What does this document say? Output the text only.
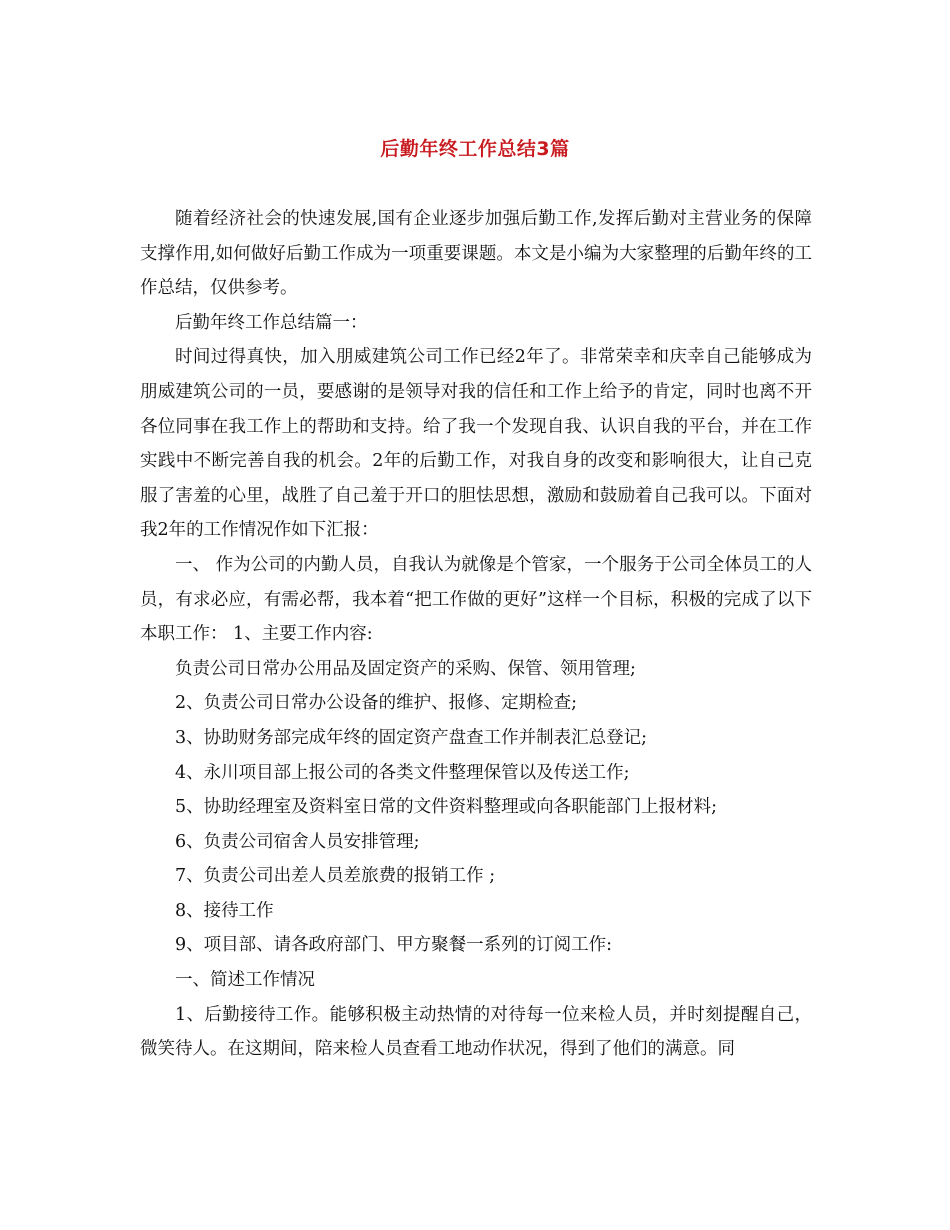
后勤年终工作总结3篇

随着经济社会的快速发展,国有企业逐步加强后勤工作,发挥后勤对主营业务的保障支撑作用,如何做好后勤工作成为一项重要课题。本文是小编为大家整理的后勤年终的工作总结，仅供参考。

后勤年终工作总结篇一：

时间过得真快，加入朋威建筑公司工作已经2年了。非常荣幸和庆幸自己能够成为朋威建筑公司的一员，要感谢的是领导对我的信任和工作上给予的肯定，同时也离不开各位同事在我工作上的帮助和支持。给了我一个发现自我、认识自我的平台，并在工作实践中不断完善自我的机会。2年的后勤工作，对我自身的改变和影响很大，让自己克服了害羞的心里，战胜了自己羞于开口的胆怯思想，激励和鼓励着自己我可以。下面对我2年的工作情况作如下汇报：

一、 作为公司的内勤人员，自我认为就像是个管家，一个服务于公司全体员工的人员，有求必应，有需必帮，我本着“把工作做的更好”这样一个目标，积极的完成了以下本职工作： 1、主要工作内容:

负责公司日常办公用品及固定资产的采购、保管、领用管理;

2、负责公司日常办公设备的维护、报修、定期检查;

3、协助财务部完成年终的固定资产盘查工作并制表汇总登记;

4、永川项目部上报公司的各类文件整理保管以及传送工作;

5、协助经理室及资料室日常的文件资料整理或向各职能部门上报材料;

6、负责公司宿舍人员安排管理;

7、负责公司出差人员差旅费的报销工作 ;

8、接待工作

9、项目部、请各政府部门、甲方聚餐一系列的订阅工作:

一、简述工作情况

1、后勤接待工作。能够积极主动热情的对待每一位来检人员，并时刻提醒自己，微笑待人。在这期间，陪来检人员查看工地动作状况，得到了他们的满意。同
